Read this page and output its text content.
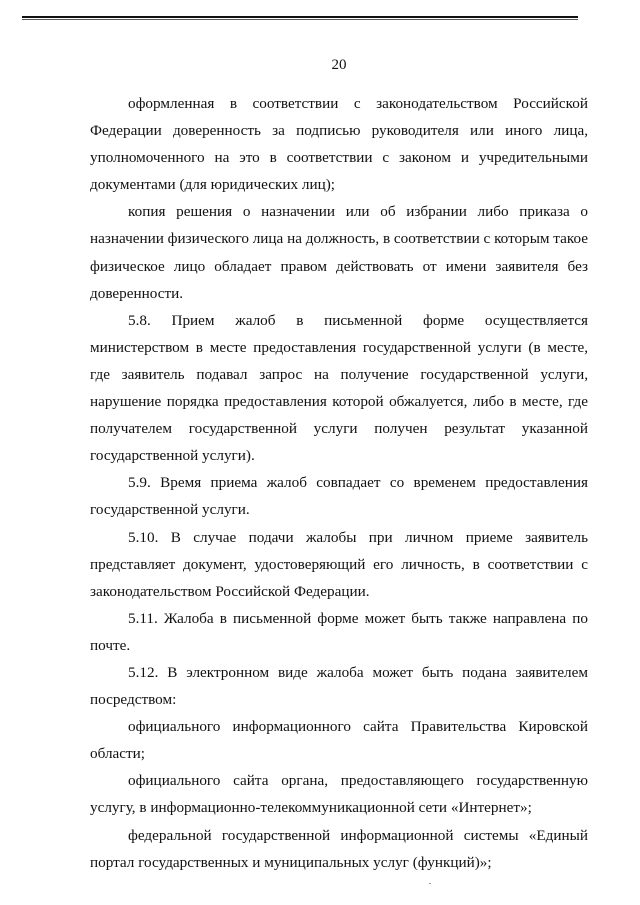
20

оформленная в соответствии с законодательством Российской Федерации доверенность за подписью руководителя или иного лица, уполномоченного на это в соответствии с законом и учредительными документами (для юридических лиц);

копия решения о назначении или об избрании либо приказа о назначении физического лица на должность, в соответствии с которым такое физическое лицо обладает правом действовать от имени заявителя без доверенности.

5.8. Прием жалоб в письменной форме осуществляется министерством в месте предоставления государственной услуги (в месте, где заявитель подавал запрос на получение государственной услуги, нарушение порядка предоставления которой обжалуется, либо в месте, где получателем государственной услуги получен результат указанной государственной услуги).

5.9. Время приема жалоб совпадает со временем предоставления государственной услуги.

5.10. В случае подачи жалобы при личном приеме заявитель представляет документ, удостоверяющий его личность, в соответствии с законодательством Российской Федерации.

5.11. Жалоба в письменной форме может быть также направлена по почте.

5.12. В электронном виде жалоба может быть подана заявителем посредством:

официального информационного сайта Правительства Кировской области;

официального сайта органа, предоставляющего государственную услугу, в информационно-телекоммуникационной сети «Интернет»;

федеральной государственной информационной системы «Единый портал государственных и муниципальных услуг (функций)»;
